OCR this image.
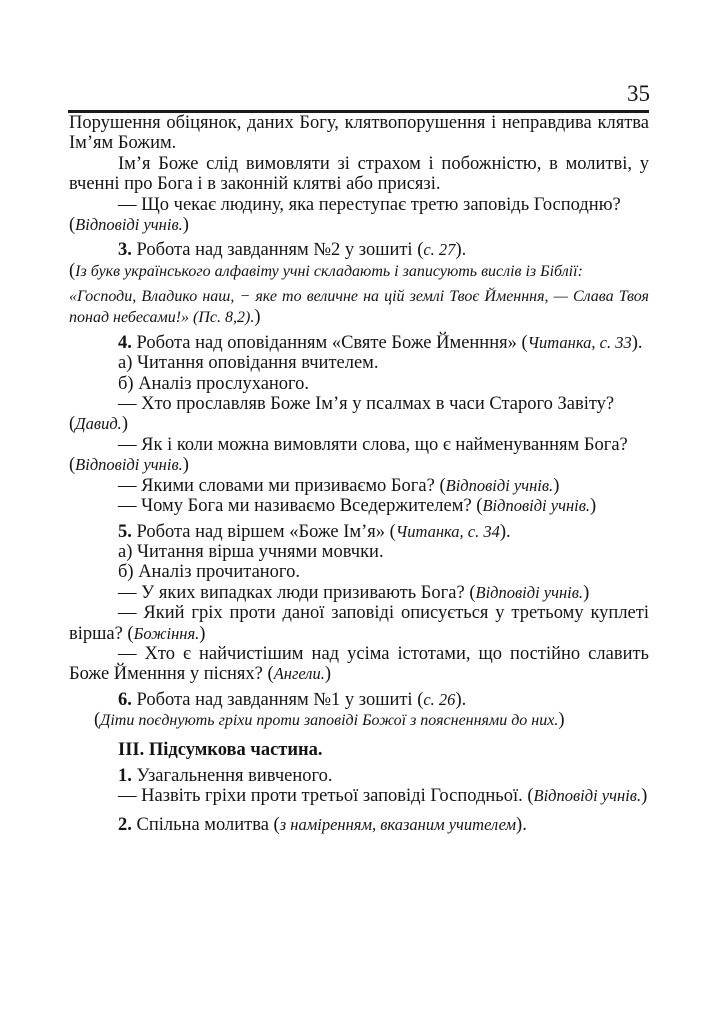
35

Порушення обіцянок, даних Богу, клятвопорушення і неправдива клятва Ім’ям Божим.

Ім’я Боже слід вимовляти зі страхом і побожністю, в молитві, у вченні про Бога і в законній клятві або присязі.

— Що чекає людину, яка переступає третю заповідь Господню?
(Відповіді учнів.)

3. Робота над завданням №2 у зошиті (с. 27).

(Із букв українського алфавіту учні складають і записують вислів із Біблії:

«Господи, Владико наш, − яке то величне на цій землі Твоє Йменння, — Слава Твоя понад небесами!» (Пс. 8,2).)

4. Робота над оповіданням «Святе Боже Йменння» (Читанка, с. 33).

а) Читання оповідання вчителем.

б) Аналіз прослуханого.

— Хто прославляв Боже Ім’я у псалмах в часи Старого Завіту?
(Давид.)

— Як і коли можна вимовляти слова, що є найменуванням Бога?
(Відповіді учнів.)

— Якими словами ми призиваємо Бога? (Відповіді учнів.)

— Чому Бога ми називаємо Вседержителем? (Відповіді учнів.)

5. Робота над віршем «Боже Ім’я» (Читанка, с. 34).

а) Читання вірша учнями мовчки.

б) Аналіз прочитаного.

— У яких випадках люди призивають Бога? (Відповіді учнів.)

— Який гріх проти даної заповіді описується у третьому куплеті вірша? (Божіння.)

— Хто є найчистішим над усіма істотами, що постійно славить Боже Йменння у піснях? (Ангели.)

6. Робота над завданням №1 у зошиті (с. 26).

(Діти поєднують гріхи проти заповіді Божої з поясненнями до них.)

III. Підсумкова частина.

1. Узагальнення вивченого.

— Назвіть гріхи проти третьої заповіді Господньої. (Відповіді учнів.)

2. Спільна молитва (з наміренням, вказаним учителем).
